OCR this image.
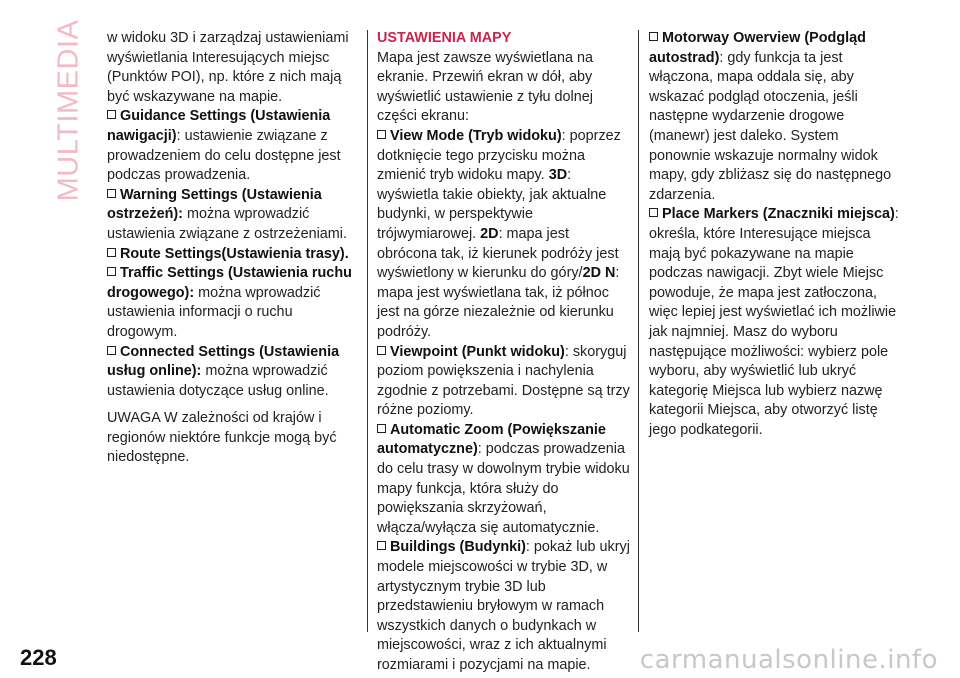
MULTIMEDIA w widoku 3D i zarządzaj ustawieniami wyświetlania Interesujących miejsc (Punktów POI), np. które z nich mają być wskazywane na mapie.

Guidance Settings (Ustawienia nawigacji): ustawienie związane z prowadzeniem do celu dostępne jest podczas prowadzenia.

Warning Settings (Ustawienia ostrzeżeń): można wprowadzić ustawienia związane z ostrzeżeniami.

Route Settings(Ustawienia trasy).

Traffic Settings (Ustawienia ruchu drogowego): można wprowadzić ustawienia informacji o ruchu drogowym.

Connected Settings (Ustawienia usług online): można wprowadzić ustawienia dotyczące usług online.

UWAGA W zależności od krajów i regionów niektóre funkcje mogą być niedostępne.

USTAWIENIA MAPY

Mapa jest zawsze wyświetlana na ekranie. Przewiń ekran w dół, aby wyświetlić ustawienie z tyłu dolnej części ekranu:

View Mode (Tryb widoku): poprzez dotknięcie tego przycisku można zmienić tryb widoku mapy. 3D: wyświetla takie obiekty, jak aktualne budynki, w perspektywie trójwymiarowej. 2D: mapa jest obrócona tak, iż kierunek podróży jest wyświetlony w kierunku do góry/2D N: mapa jest wyświetlana tak, iż północ jest na górze niezależnie od kierunku podróży.

Viewpoint (Punkt widoku): skoryguj poziom powiększenia i nachylenia zgodnie z potrzebami. Dostępne są trzy różne poziomy.

Automatic Zoom (Powiększanie automatyczne): podczas prowadzenia do celu trasy w dowolnym trybie widoku mapy funkcja, która służy do powiększania skrzyżowań, włącza/wyłącza się automatycznie.

Buildings (Budynki): pokaż lub ukryj modele miejscowości w trybie 3D, w artystycznym trybie 3D lub przedstawieniu bryłowym w ramach wszystkich danych o budynkach w miejscowości, wraz z ich aktualnymi rozmiarami i pozycjami na mapie.

Motorway Owerview (Podgląd autostrad): gdy funkcja ta jest włączona, mapa oddala się, aby wskazać podgląd otoczenia, jeśli następne wydarzenie drogowe (manewr) jest daleko. System ponownie wskazuje normalny widok mapy, gdy zbliżasz się do następnego zdarzenia.

Place Markers (Znaczniki miejsca): określa, które Interesujące miejsca mają być pokazywane na mapie podczas nawigacji. Zbyt wiele Miejsc powoduje, że mapa jest zatłoczona, więc lepiej jest wyświetlać ich możliwie jak najmniej. Masz do wyboru następujące możliwości: wybierz pole wyboru, aby wyświetlić lub ukryć kategorię Miejsca lub wybierz nazwę kategorii Miejsca, aby otworzyć listę jego podkategorii.

228	carmanualsonline.info
